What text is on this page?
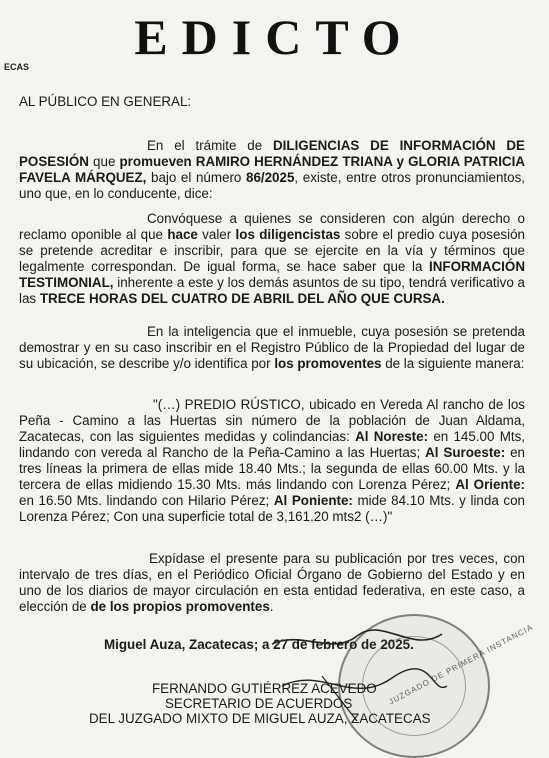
EDICTO
ECAS
AL PÚBLICO EN GENERAL:
En el trámite de DILIGENCIAS DE INFORMACIÓN DE POSESIÓN que promueven RAMIRO HERNÁNDEZ TRIANA y GLORIA PATRICIA FAVELA MÁRQUEZ, bajo el número 86/2025, existe, entre otros pronunciamientos, uno que, en lo conducente, dice:
Convóquese a quienes se consideren con algún derecho o reclamo oponible al que hace valer los diligencistas sobre el predio cuya posesión se pretende acreditar e inscribir, para que se ejercite en la vía y términos que legalmente correspondan. De igual forma, se hace saber que la INFORMACIÓN TESTIMONIAL, inherente a este y los demás asuntos de su tipo, tendrá verificativo a las TRECE HORAS DEL CUATRO DE ABRIL DEL AÑO QUE CURSA.
En la inteligencia que el inmueble, cuya posesión se pretenda demostrar y en su caso inscribir en el Registro Público de la Propiedad del lugar de su ubicación, se describe y/o identifica por los promoventes de la siguiente manera:
"(…) PREDIO RÚSTICO, ubicado en Vereda Al rancho de los Peña - Camino a las Huertas sin número de la población de Juan Aldama, Zacatecas, con las siguientes medidas y colindancias: Al Noreste: en 145.00 Mts, lindando con vereda al Rancho de la Peña-Camino a las Huertas; Al Suroeste: en tres líneas la primera de ellas mide 18.40 Mts.; la segunda de ellas 60.00 Mts. y la tercera de ellas midiendo 15.30 Mts. más lindando con Lorenza Pérez; Al Oriente: en 16.50 Mts. lindando con Hilario Pérez; Al Poniente: mide 84.10 Mts. y linda con Lorenza Pérez; Con una superficie total de 3,161.20 mts2 (…)"
Expídase el presente para su publicación por tres veces, con intervalo de tres días, en el Periódico Oficial Órgano de Gobierno del Estado y en uno de los diarios de mayor circulación en esta entidad federativa, en este caso, a elección de de los propios promoventes.
Miguel Auza, Zacatecas; a 27 de febrero de 2025.
JUZGADO DE PRIMERA INSTANCIA
FERNANDO GUTIÉRREZ ACEVEDO
SECRETARIO DE ACUERDOS
DEL JUZGADO MIXTO DE MIGUEL AUZA, ZACATECAS
